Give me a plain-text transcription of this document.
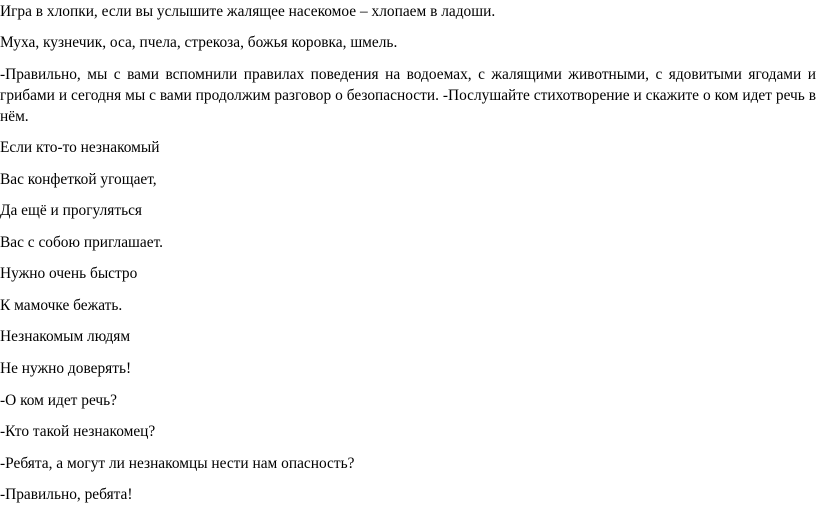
Игра в хлопки, если вы услышите жалящее насекомое – хлопаем в ладоши.
Муха, кузнечик, оса, пчела, стрекоза, божья коровка, шмель.
-Правильно, мы с вами вспомнили правилах поведения на водоемах, с жалящими животными, с ядовитыми ягодами и грибами и сегодня мы с вами продолжим разговор о безопасности. -Послушайте стихотворение и скажите о ком идет речь в нём.
Если кто-то незнакомый
Вас конфеткой угощает,
Да ещё и прогуляться
Вас с собою приглашает.
Нужно очень быстро
К мамочке бежать.
Незнакомым людям
Не нужно доверять!
-О ком идет речь?
-Кто такой незнакомец?
-Ребята, а могут ли незнакомцы нести нам опасность?
-Правильно, ребята!
